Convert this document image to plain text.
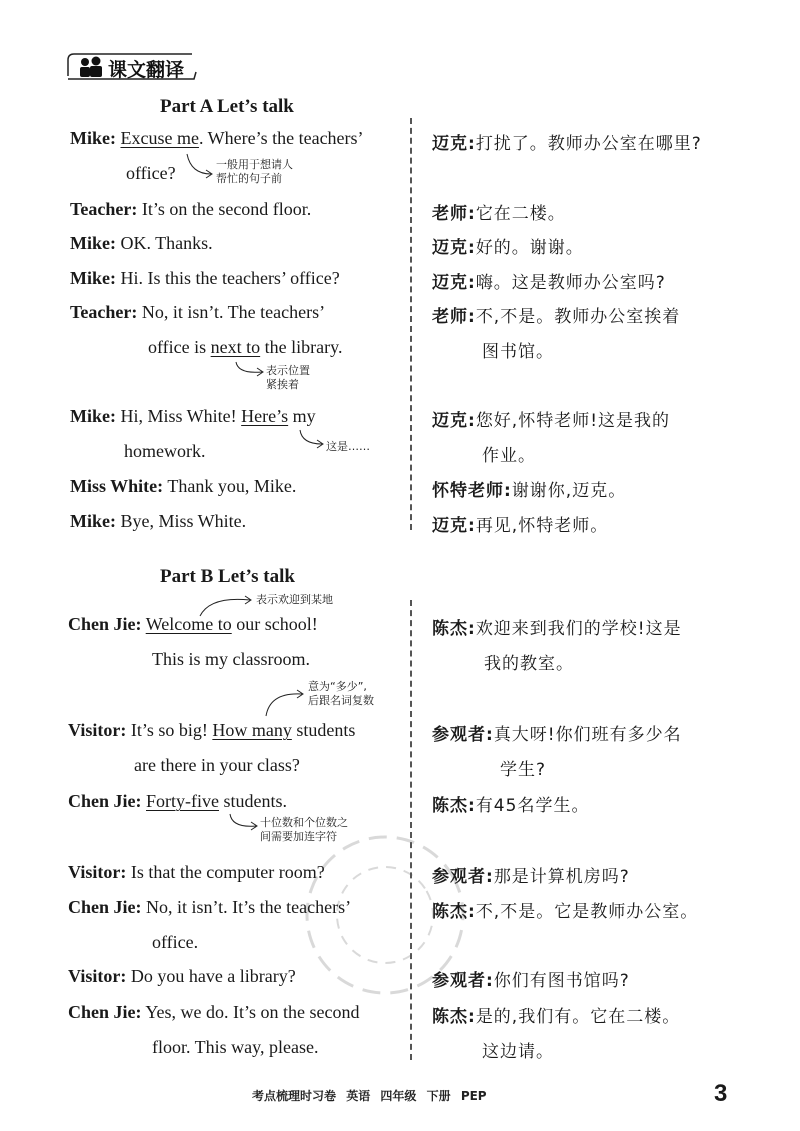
课文翻译
Part A Let’s talk
Mike: Excuse me. Where’s the teachers’
office?
Teacher: It’s on the second floor.
Mike: OK. Thanks.
Mike: Hi. Is this the teachers’ office?
Teacher: No, it isn’t. The teachers’
office is next to the library.
Mike: Hi, Miss White! Here’s my
homework.
Miss White: Thank you, Mike.
Mike: Bye, Miss White.
一般用于想请人
帮忙的句子前
表示位置
紧挨着
这是……
迈克:打扰了。教师办公室在哪里?
老师:它在二楼。
迈克:好的。谢谢。
迈克:嗨。这是教师办公室吗?
老师:不,不是。教师办公室挨着
图书馆。
迈克:您好,怀特老师!这是我的
作业。
怀特老师:谢谢你,迈克。
迈克:再见,怀特老师。
Part B Let’s talk
表示欢迎到某地
Chen Jie: Welcome to our school!
This is my classroom.
意为“多少”,
后跟名词复数
Visitor: It’s so big! How many students
are there in your class?
Chen Jie: Forty-five students.
十位数和个位数之
间需要加连字符
Visitor: Is that the computer room?
Chen Jie: No, it isn’t. It’s the teachers’
office.
Visitor: Do you have a library?
Chen Jie: Yes, we do. It’s on the second
floor. This way, please.
陈杰:欢迎来到我们的学校!这是
我的教室。
参观者:真大呀!你们班有多少名
学生?
陈杰:有45名学生。
参观者:那是计算机房吗?
陈杰:不,不是。它是教师办公室。
参观者:你们有图书馆吗?
陈杰:是的,我们有。它在二楼。
这边请。
考点梳理时习卷 英语 四年级 下册 PEP	3
